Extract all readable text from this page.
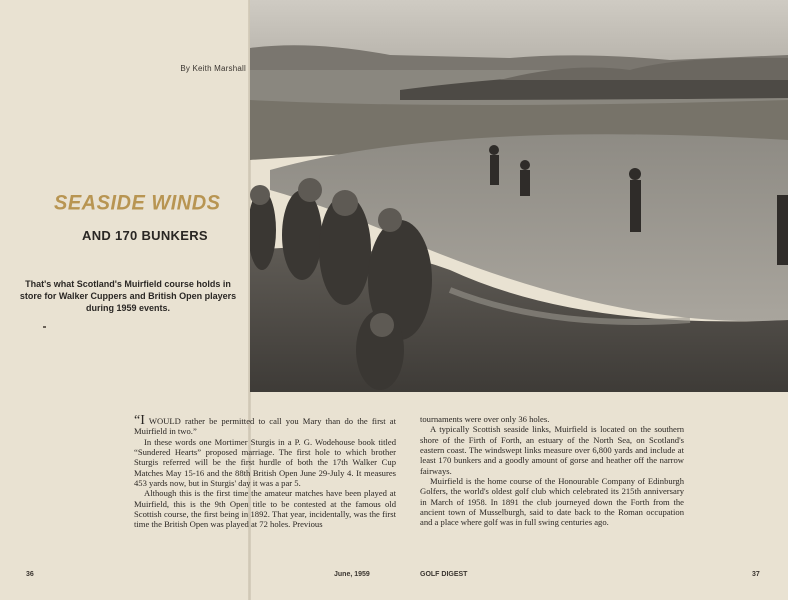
By Keith Marshall
SEASIDE WINDS
AND 170 BUNKERS
That's what Scotland's Muirfield course holds in store for Walker Cuppers and British Open players during 1959 events.

“I WOULD rather be permitted to call you Mary than do the first at Muirfield in two.”

In these words one Mortimer Sturgis in a P. G. Wodehouse book titled “Sundered Hearts” proposed marriage. The first hole to which brother Sturgis referred will be the first hurdle of both the 17th Walker Cup Matches May 15-16 and the 88th British Open June 29-July 4. It measures 453 yards now, but in Sturgis' day it was a par 5.

Although this is the first time the amateur matches have been played at Muirfield, this is the 9th Open title to be contested at the famous old Scottish course, the first being in 1892. That year, incidentally, was the first time the British Open was played at 72 holes. Previous

tournaments were over only 36 holes.

A typically Scottish seaside links, Muirfield is located on the southern shore of the Firth of Forth, an estuary of the North Sea, on Scotland's eastern coast. The windswept links measure over 6,800 yards and include at least 170 bunkers and a goodly amount of gorse and heather off the narrow fairways.

Muirfield is the home course of the Honourable Company of Edinburgh Golfers, the world's oldest golf club which celebrated its 215th anniversary in March of 1958. In 1891 the club journeyed down the Forth from the ancient town of Musselburgh, said to date back to the Roman occupation and a place where golf was in full swing centuries ago.

36	June, 1959	GOLF DIGEST	37
